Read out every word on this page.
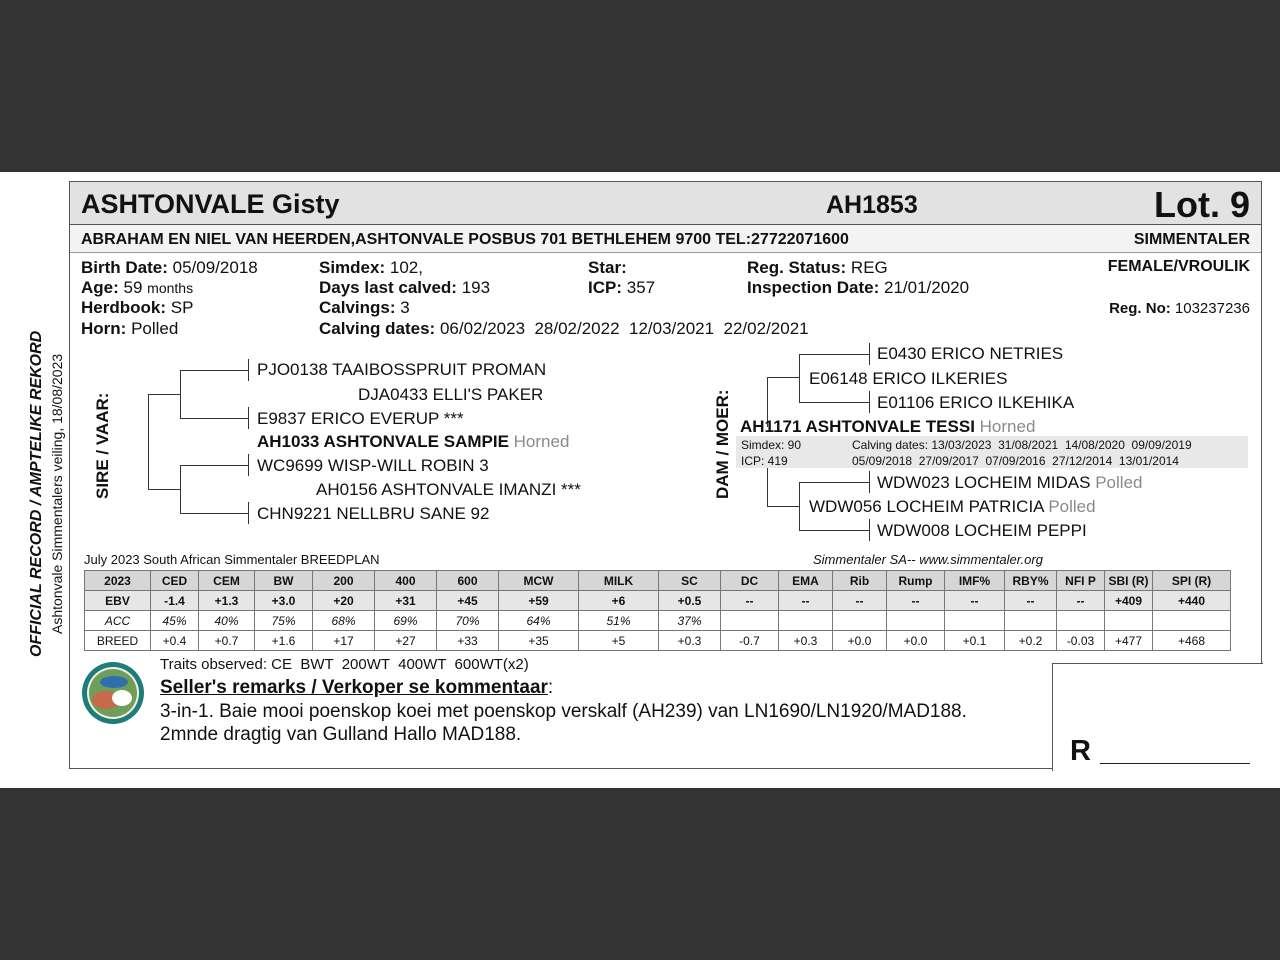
ASHTONVALE Gisty	AH1853	Lot. 9
ABRAHAM EN NIEL VAN HEERDEN,ASHTONVALE POSBUS 701 BETHLEHEM 9700 TEL:27722071600	SIMMENTALER
OFFICIAL RECORD / AMPTELIKE REKORD Ashtonvale Simmentalers veiling, 18/08/2023
Birth Date: 05/09/2018
Age: 59 months
Herdbook: SP
Horn: Polled
Simdex: 102,
Days last calved: 193
Calvings: 3
Calving dates: 06/02/2023  28/02/2022  12/03/2021  22/02/2021
Star:
ICP: 357
Reg. Status: REG
Inspection Date: 21/01/2020
FEMALE/VROULIK
Reg. No: 103237236
SIRE / VAAR:
PJO0138 TAAIBOSSPRUIT PROMAN
DJA0433 ELLI'S PAKER
E9837 ERICO EVERUP ***
AH1033 ASHTONVALE SAMPIE Horned
WC9699 WISP-WILL ROBIN 3
AH0156 ASHTONVALE IMANZI ***
CHN9221 NELLBRU SANE 92
DAM / MOER:
E0430 ERICO NETRIES
E06148 ERICO ILKERIES
E01106 ERICO ILKEHIKA
AH1171 ASHTONVALE TESSI Horned
Simdex: 90
ICP: 419
Calving dates: 13/03/2023  31/08/2021  14/08/2020  09/09/2019
05/09/2018  27/09/2017  07/09/2016  27/12/2014  13/01/2014
WDW023 LOCHEIM MIDAS Polled
WDW056 LOCHEIM PATRICIA Polled
WDW008 LOCHEIM PEPPI
July 2023 South African Simmentaler BREEDPLAN	Simmentaler SA-- www.simmentaler.org
2023	CED	CEM	BW	200	400	600	MCW	MILK	SC	DC	EMA	Rib	Rump	IMF%	RBY%	NFI P	SBI (R)	SPI (R)
EBV	-1.4	+1.3	+3.0	+20	+31	+45	+59	+6	+0.5	--	--	--	--	--	--	--	+409	+440
ACC	45%	40%	75%	68%	69%	70%	64%	51%	37%									
BREED	+0.4	+0.7	+1.6	+17	+27	+33	+35	+5	+0.3	-0.7	+0.3	+0.0	+0.0	+0.1	+0.2	-0.03	+477	+468
Traits observed: CE  BWT  200WT  400WT  600WT(x2)
Seller's remarks / Verkoper se kommentaar:
3-in-1. Baie mooi poenskop koei met poenskop verskalf (AH239) van LN1690/LN1920/MAD188.
2mnde dragtig van Gulland Hallo MAD188.
R
